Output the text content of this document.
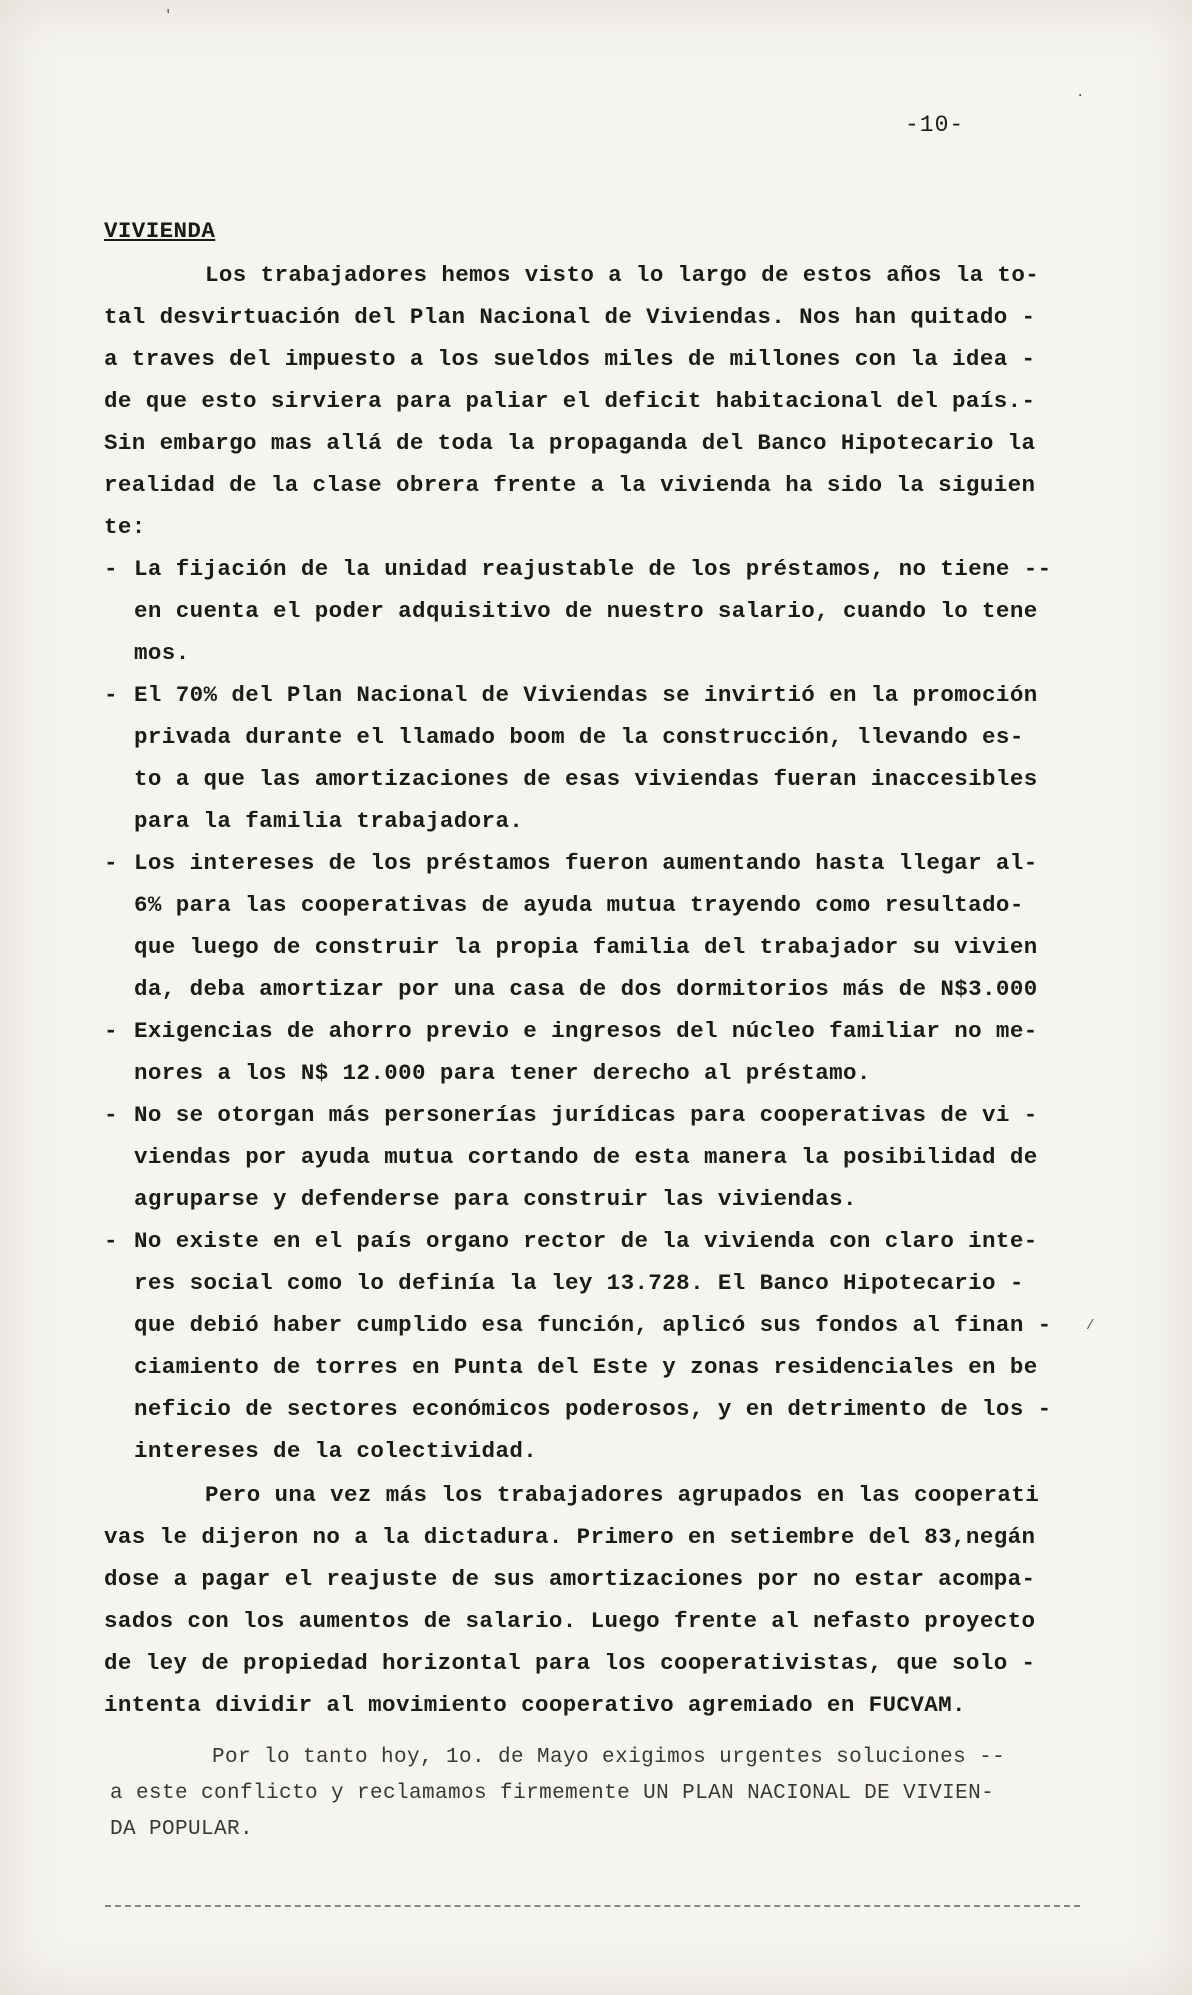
-10-
VIVIENDA
Los trabajadores hemos visto a lo largo de estos años la to-
tal desvirtuación del Plan Nacional de Viviendas. Nos han quitado -
a traves del impuesto a los sueldos miles de millones con la idea -
de que esto sirviera para paliar el deficit habitacional del país.-
Sin embargo mas allá de toda la propaganda del Banco Hipotecario la
realidad de la clase obrera frente a la vivienda ha sido la siguien
te:
- La fijación de la unidad reajustable de los préstamos, no tiene --
en cuenta el poder adquisitivo de nuestro salario, cuando lo tene
mos.
- El 70% del Plan Nacional de Viviendas se invirtió en la promoción
privada durante el llamado boom de la construcción, llevando es-
to a que las amortizaciones de esas viviendas fueran inaccesibles
para la familia trabajadora.
- Los intereses de los préstamos fueron aumentando hasta llegar al-
6% para las cooperativas de ayuda mutua trayendo como resultado-
que luego de construir la propia familia del trabajador su vivien
da, deba amortizar por una casa de dos dormitorios más de N$3.000
- Exigencias de ahorro previo e ingresos del núcleo familiar no me-
nores a los N$ 12.000 para tener derecho al préstamo.
- No se otorgan más personerías jurídicas para cooperativas de vi -
viendas por ayuda mutua cortando de esta manera la posibilidad de
agruparse y defenderse para construir las viviendas.
- No existe en el país organo rector de la vivienda con claro inte-
res social como lo definía la ley 13.728. El Banco Hipotecario -
que debió haber cumplido esa función, aplicó sus fondos al finan -
ciamiento de torres en Punta del Este y zonas residenciales en be
neficio de sectores económicos poderosos, y en detrimento de los -
intereses de la colectividad.
Pero una vez más los trabajadores agrupados en las cooperati
vas le dijeron no a la dictadura. Primero en setiembre del 83,negán
dose a pagar el reajuste de sus amortizaciones por no estar acompa-
sados con los aumentos de salario. Luego frente al nefasto proyecto
de ley de propiedad horizontal para los cooperativistas, que solo -
intenta dividir al movimiento cooperativo agremiado en FUCVAM.
Por lo tanto hoy, 1o. de Mayo exigimos urgentes soluciones --
a este conflicto y reclamamos firmemente UN PLAN NACIONAL DE VIVIEN-
DA POPULAR.
'
·
/
